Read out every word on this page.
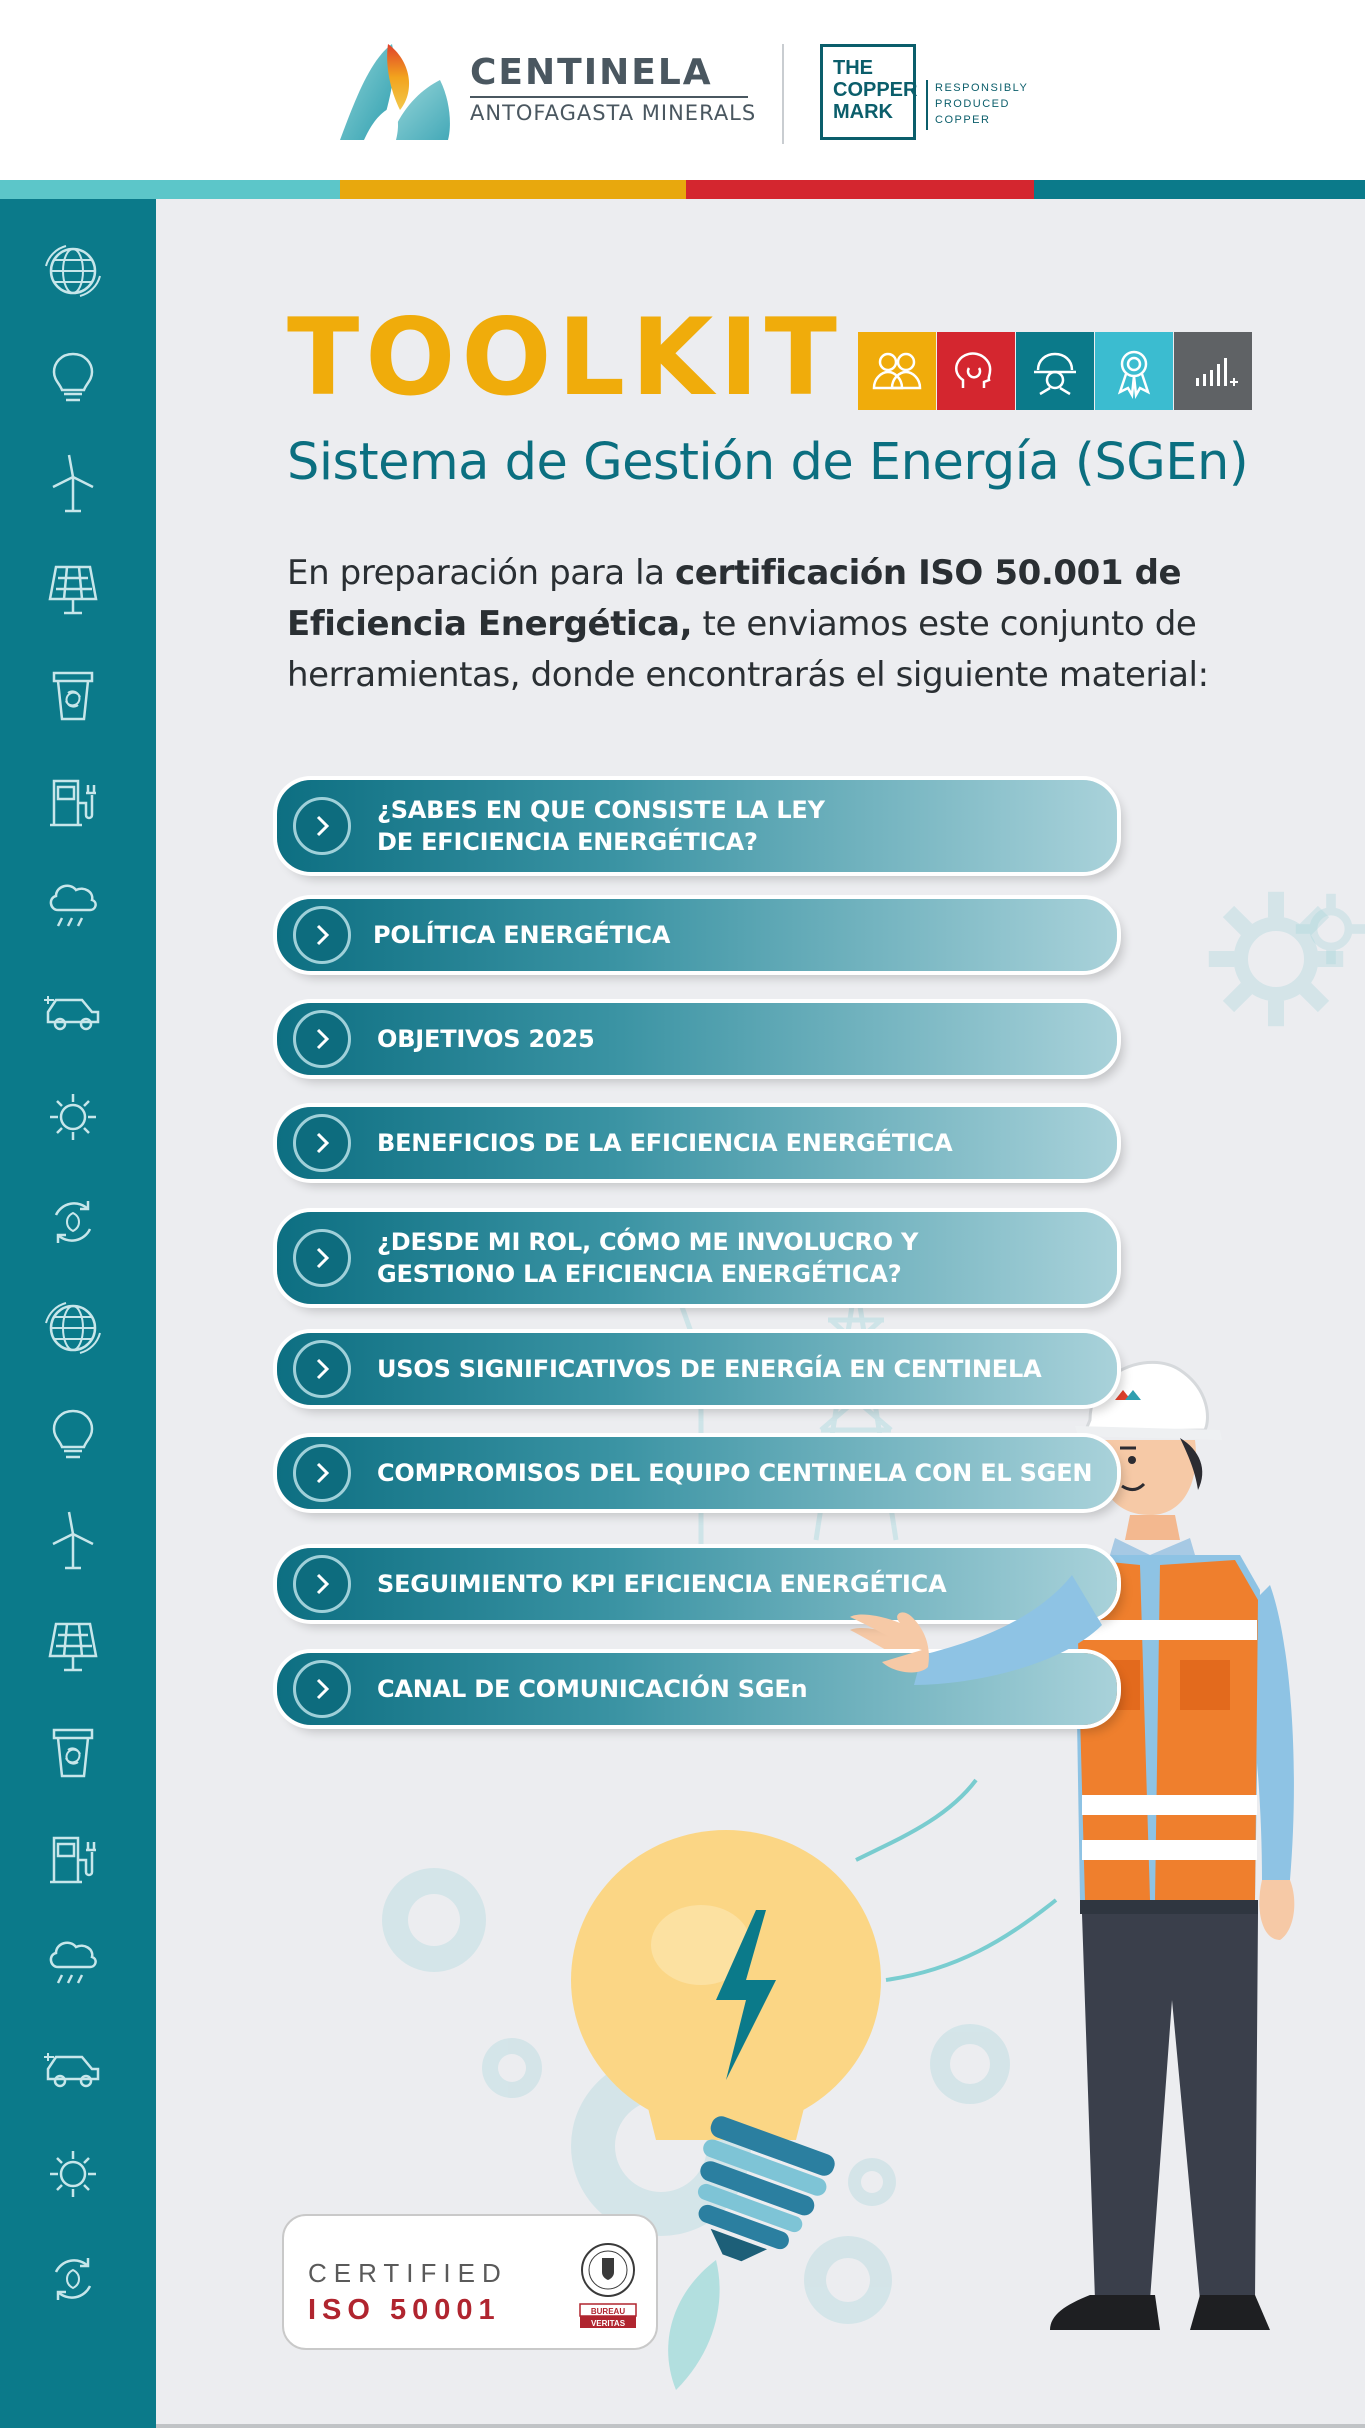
CENTINELA
ANTOFAGASTA MINERALS
THE
COPPER
MARK
RESPONSIBLY
PRODUCED
COPPER
TOOLKIT
Sistema de Gestión de Energía (SGEn)
En preparación para la certificación ISO 50.001 de Eficiencia Energética, te enviamos este conjunto de herramientas, donde encontrarás el siguiente material:
¿SABES EN QUE CONSISTE LA LEY
DE EFICIENCIA ENERGÉTICA?
POLÍTICA ENERGÉTICA
OBJETIVOS 2025
BENEFICIOS DE LA EFICIENCIA ENERGÉTICA
¿DESDE MI ROL, CÓMO ME INVOLUCRO Y
GESTIONO LA EFICIENCIA ENERGÉTICA?
USOS SIGNIFICATIVOS DE ENERGÍA EN CENTINELA
COMPROMISOS DEL EQUIPO CENTINELA CON EL SGEN
SEGUIMIENTO KPI EFICIENCIA ENERGÉTICA
CANAL DE COMUNICACIÓN SGEn
CERTIFIED
ISO 50001	BUREAU
VERITAS
